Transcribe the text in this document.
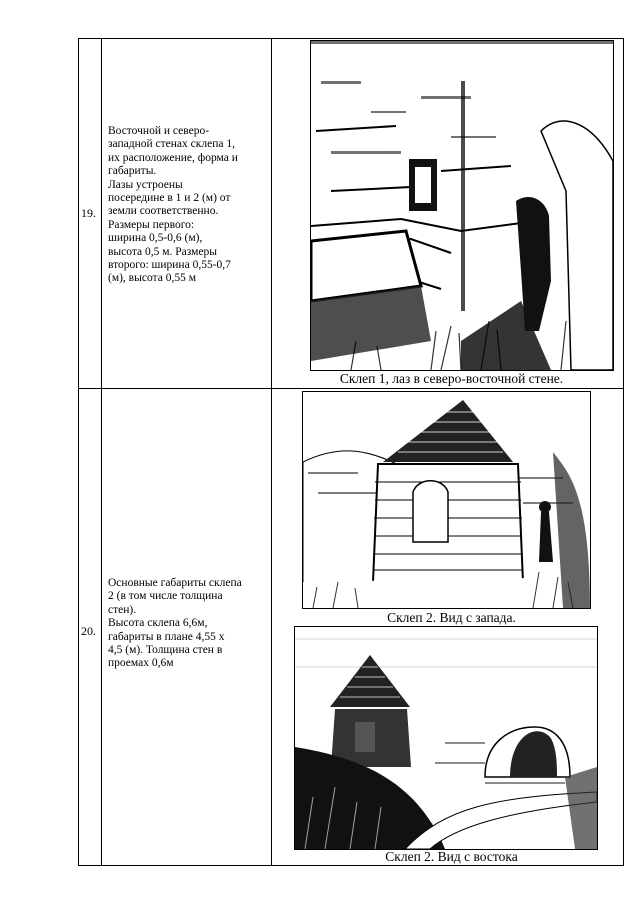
19.
Восточной и северо-
западной стенах склепа 1,
их расположение, форма и
габариты.
Лазы устроены
посередине в 1 и 2 (м) от
земли соответственно.
Размеры первого:
ширина 0,5-0,6 (м),
высота 0,5 м. Размеры
второго: ширина 0,55-0,7
(м), высота 0,55 м
Склеп 1, лаз в северо-восточной стене.
20.
Основные габариты склепа
2 (в том числе толщина
стен).
Высота склепа 6,6м,
габариты в плане 4,55 х
4,5 (м). Толщина стен в
проемах 0,6м
Склеп 2. Вид с запада.
Склеп 2. Вид с востока
